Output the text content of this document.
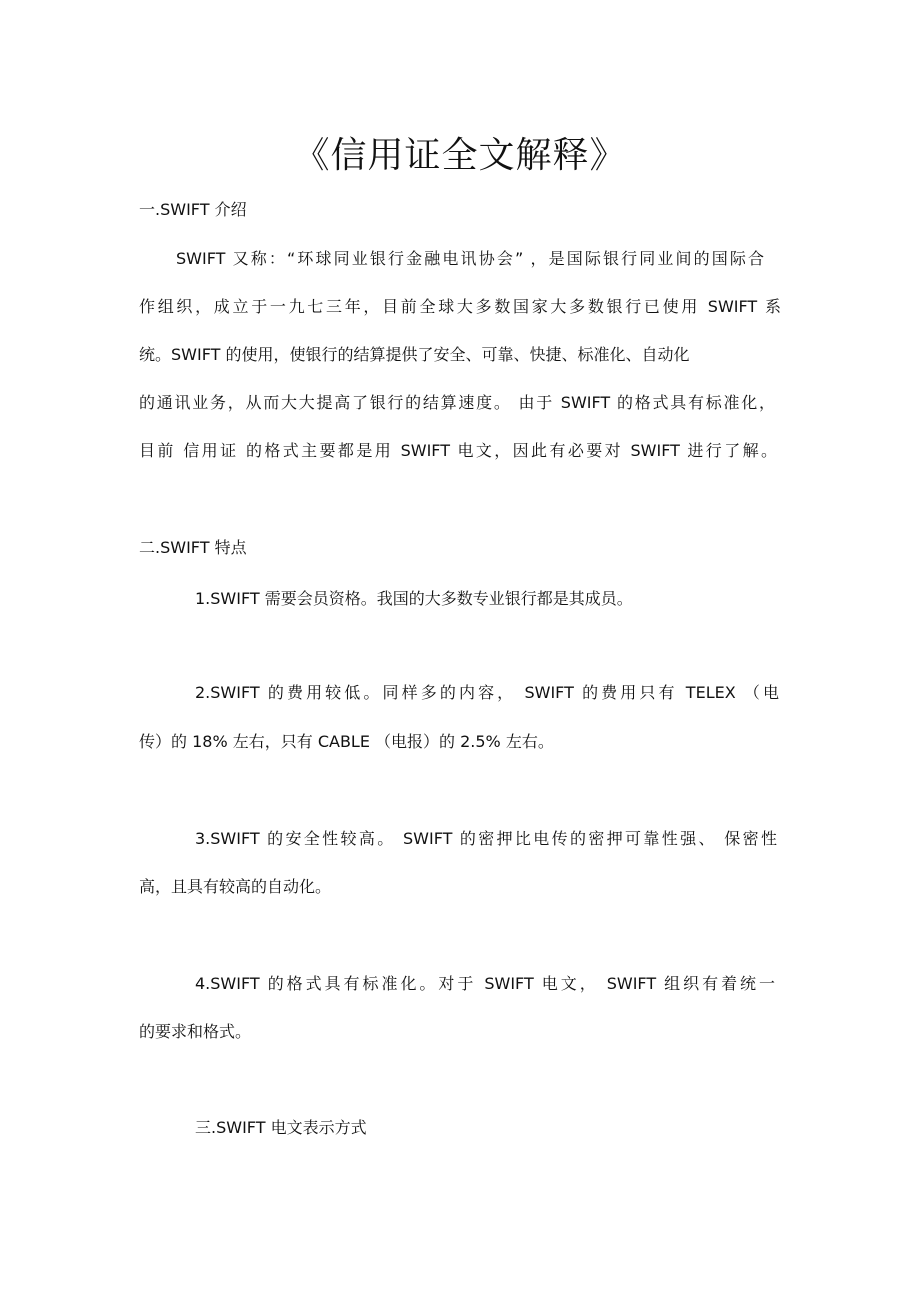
《信用证全文解释》

一.SWIFT 介绍

SWIFT 又称：“环球同业银行金融电讯协会” ，是国际银行同业间的国际合

作组织，成立于一九七三年，目前全球大多数国家大多数银行已使用 SWIFT 系

统。SWIFT 的使用，使银行的结算提供了安全、可靠、快捷、标准化、自动化

的通讯业务，从而大大提高了银行的结算速度。 由于 SWIFT 的格式具有标准化，

目前 信用证 的格式主要都是用 SWIFT 电文，因此有必要对 SWIFT 进行了解。

二.SWIFT 特点

1.SWIFT 需要会员资格。我国的大多数专业银行都是其成员。

2.SWIFT 的费用较低。同样多的内容， SWIFT 的费用只有 TELEX （电

传）的 18% 左右，只有 CABLE （电报）的 2.5% 左右。

3.SWIFT 的安全性较高。 SWIFT 的密押比电传的密押可靠性强、 保密性

高，且具有较高的自动化。

4.SWIFT 的格式具有标准化。对于 SWIFT 电文， SWIFT 组织有着统一

的要求和格式。

三.SWIFT 电文表示方式
